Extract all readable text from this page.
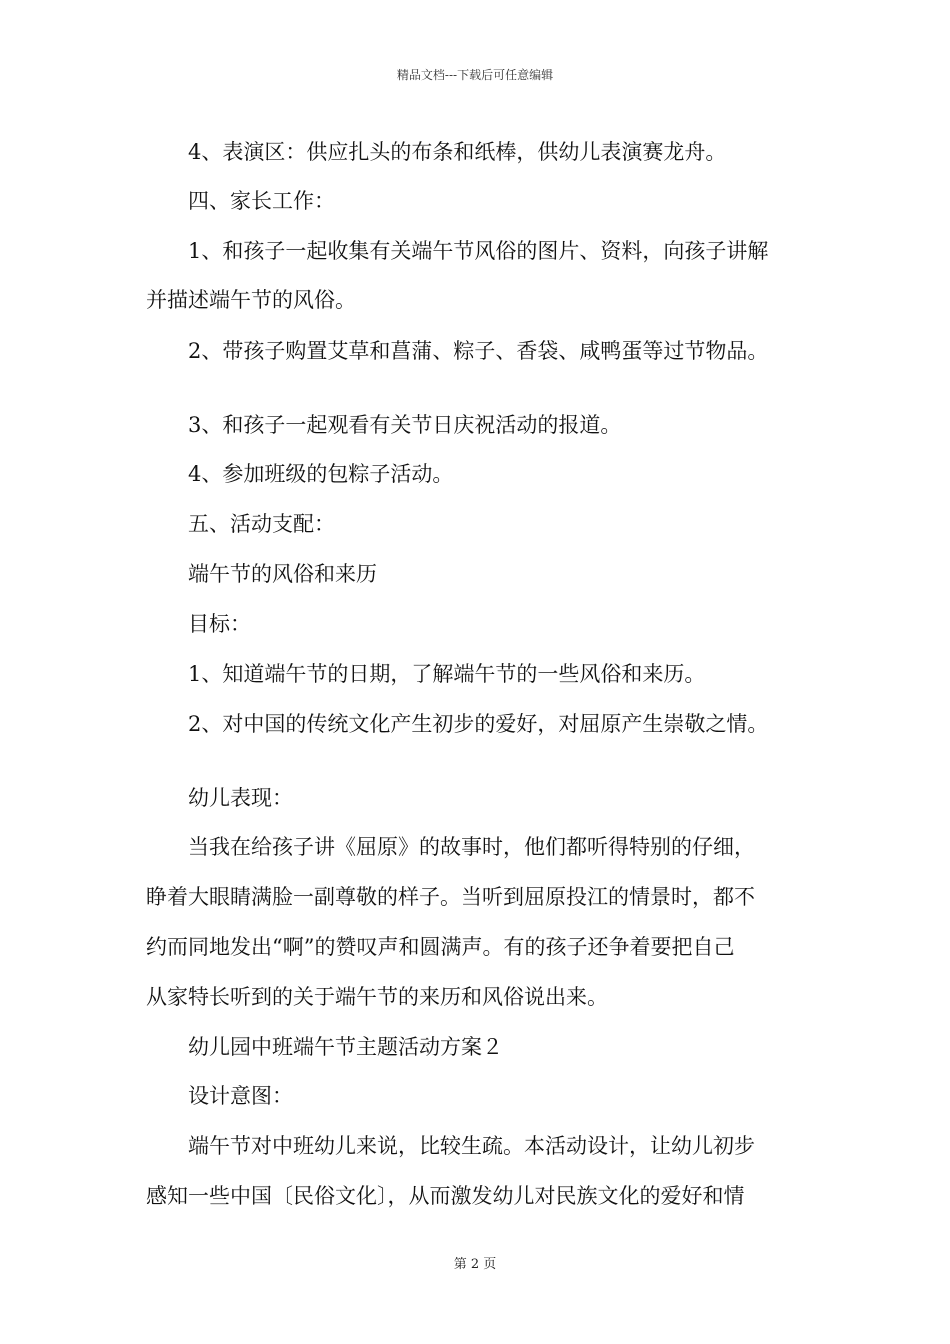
精品文档---下载后可任意编辑
4、表演区：供应扎头的布条和纸棒，供幼儿表演赛龙舟。
四、家长工作：
1、和孩子一起收集有关端午节风俗的图片、资料，向孩子讲解
并描述端午节的风俗。
2、带孩子购置艾草和菖蒲、粽子、香袋、咸鸭蛋等过节物品。
3、和孩子一起观看有关节日庆祝活动的报道。
4、参加班级的包粽子活动。
五、活动支配：
端午节的风俗和来历
目标：
1、知道端午节的日期，了解端午节的一些风俗和来历。
2、对中国的传统文化产生初步的爱好，对屈原产生崇敬之情。
幼儿表现：
当我在给孩子讲《屈原》的故事时，他们都听得特别的仔细，
睁着大眼睛满脸一副尊敬的样子。当听到屈原投江的情景时，都不
约而同地发出“啊”的赞叹声和圆满声。有的孩子还争着要把自己
从家特长听到的关于端午节的来历和风俗说出来。
幼儿园中班端午节主题活动方案２
设计意图：
端午节对中班幼儿来说，比较生疏。本活动设计，让幼儿初步
感知一些中国〔民俗文化〕，从而激发幼儿对民族文化的爱好和情
第 2 页
